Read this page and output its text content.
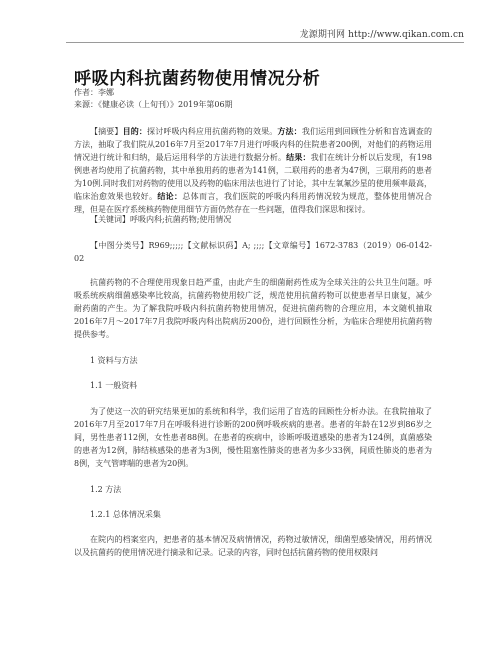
龙源期刊网 http://www.qikan.com.cn
呼吸内科抗菌药物使用情况分析
作者：李娜
来源：《健康必读（上旬刊）》2019年第06期

【摘要】目的：探讨呼吸内科应用抗菌药物的效果。方法：我们运用到回顾性分析和盲选调查的方法，抽取了我们院从2016年7月至2017年7月进行呼吸内科的住院患者200例，对他们的药物运用情况进行统计和归纳，最后运用科学的方法进行数据分析。结果：我们在统计分析以后发现，有198例患者均使用了抗菌药物，其中单独用药的患者为141例，二联用药的患者为47例，三联用药的患者为10例.同时我们对药物的使用以及药物的临床用法也进行了讨论，其中左氧氟沙星的使用频率最高，临床治愈效果也较好。结论：总体而言，我们医院的呼吸内科用药情况较为规范，整体使用情况合理，但是在医疗系统核药物使用细节方面仍然存在一些问题，值得我们深思和探讨。

【关键词】呼吸内科;抗菌药物;使用情况

【中图分类号】R969;;;;;【文献标识码】A; ;;;;【文章编号】1672-3783（2019）06-0142-02

抗菌药物的不合理使用现象日趋严重，由此产生的细菌耐药性成为全球关注的公共卫生问题。呼吸系统疾病细菌感染率比较高，抗菌药物使用较广泛，规范使用抗菌药物可以使患者早日康复，减少耐药菌的产生。为了解我院呼吸内科抗菌药物使用情况，促进抗菌药物的合理应用，本文随机抽取2016年7月～2017年7月我院呼吸内科出院病历200份，进行回顾性分析，为临床合理使用抗菌药物提供参考。

1 资料与方法
1.1 一般资料

为了使这一次的研究结果更加的系统和科学，我们运用了盲选的回顾性分析办法。在我院抽取了2016年7月至2017年7月在呼吸科进行诊断的200例呼吸疾病的患者。患者的年龄在12岁到86岁之间，男性患者112例，女性患者88例。在患者的疾病中，诊断呼吸道感染的患者为124例，真菌感染的患者为12例，肺结核感染的患者为3例，慢性阻塞性肺炎的患者为多少33例，间质性肺炎的患者为8例，支气管哮喘的患者为20例。

1.2 方法
1.2.1 总体情况采集

在院内的档案室内，把患者的基本情况及病情情况，药物过敏情况，细菌型感染情况，用药情况以及抗菌药的使用情况进行摘录和记录。记录的内容，同时包括抗菌药物的使用权限问
